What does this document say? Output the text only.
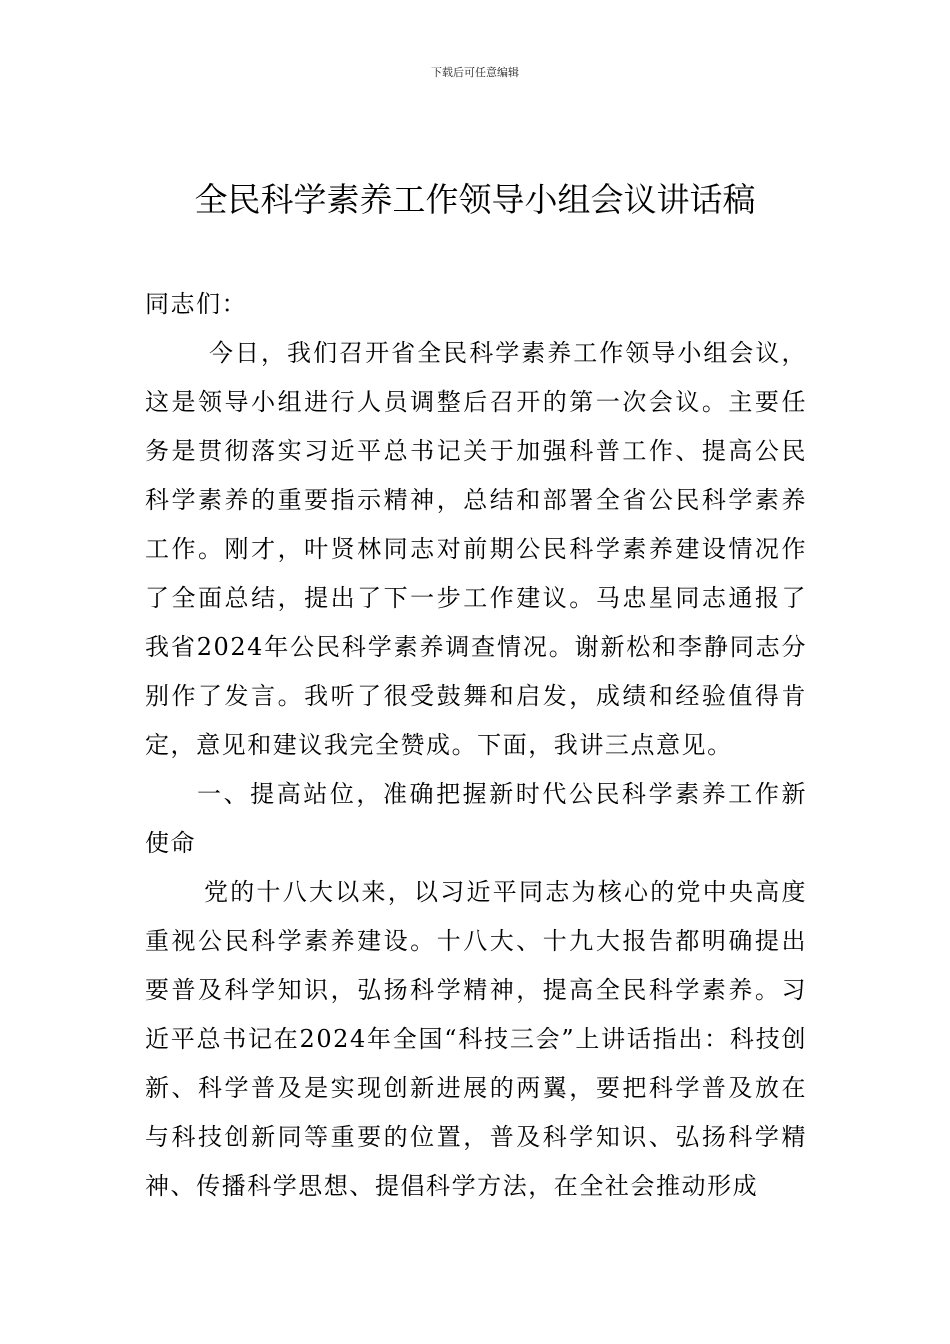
下载后可任意编辑
全民科学素养工作领导小组会议讲话稿

同志们：

今日，我们召开省全民科学素养工作领导小组会议，这是领导小组进行人员调整后召开的第一次会议。主要任务是贯彻落实习近平总书记关于加强科普工作、提高公民科学素养的重要指示精神，总结和部署全省公民科学素养工作。刚才，叶贤林同志对前期公民科学素养建设情况作了全面总结，提出了下一步工作建议。马忠星同志通报了我省2024年公民科学素养调查情况。谢新松和李静同志分别作了发言。我听了很受鼓舞和启发，成绩和经验值得肯定，意见和建议我完全赞成。下面，我讲三点意见。

一、提高站位，准确把握新时代公民科学素养工作新使命

党的十八大以来，以习近平同志为核心的党中央高度重视公民科学素养建设。十八大、十九大报告都明确提出要普及科学知识，弘扬科学精神，提高全民科学素养。习近平总书记在2024年全国“科技三会”上讲话指出：科技创新、科学普及是实现创新进展的两翼，要把科学普及放在与科技创新同等重要的位置，普及科学知识、弘扬科学精神、传播科学思想、提倡科学方法，在全社会推动形成
